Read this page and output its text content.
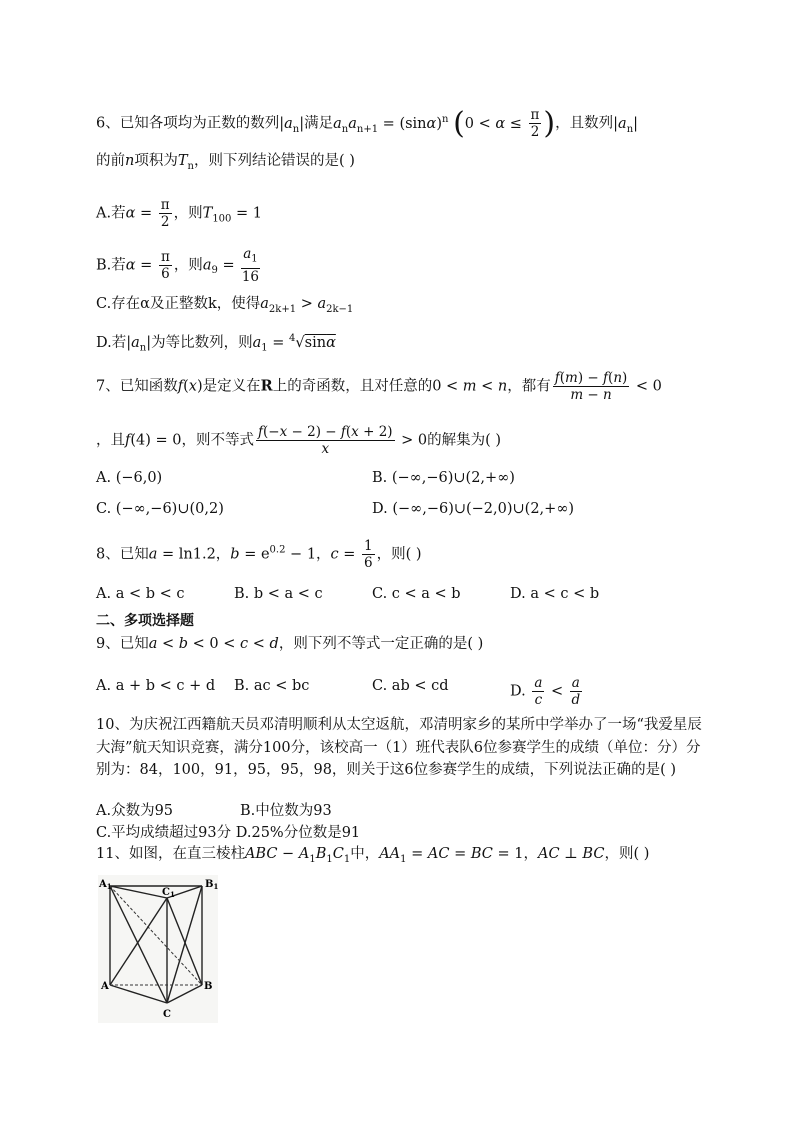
6、已知各项均为正数的数列$|a_n|$满足$a_na_{n+1} = (\sin\alpha)^n$ ($0 < \alpha \le \frac{\pi}{2}$ )，且数列$|a_n|$
的前n项积为$T_n$，则下列结论错误的是( )
A.若$\alpha = \frac{\pi}{2}$ ，则$T_{100} = 1$
B.若$\alpha = \frac{\pi}{6}$ ，则$a_9 = \frac{a_1}{16}$
C.存在α及正整数k，使得$a_{2k+1} > a_{2k-1}$
D.若$|a_n|$为等比数列，则$a_1 = ^4√\sin\alpha$
7、已知函数f(x)是定义在R上的奇函数，且对任意的0 < m < n，都有 $\frac{f(m) - f(n)}{m - n} < 0$
，且f(4) = 0，则不等式 $\frac{f(-x - 2) - f(x + 2)}{x} > 0$的解集为( )
A. (−6,0)	B. (−∞,−6)∪(2,+∞)
C. (−∞,−6)∪(0,2)	D. (−∞,−6)∪(−2,0)∪(2,+∞)
8、已知a = ln1.2，$b = e^{0.2} - 1$，$c = \frac{1}{6}$ ，则( )
A. a < b < c	B. b < a < c	C. c < a < b	D. a < c < b
二、多项选择题
9、已知a < b < 0 < c < d，则下列不等式一定正确的是( )
A. a + b < c + d B. ac < bc	C. ab < cd	D. $\frac{a}{c} < \frac{a}{d}$
10、为庆祝江西籍航天员邓清明顺利从太空返航，邓清明家乡的某所中学举办了一场“我爱星辰大海”航天知识竞赛，满分100分，该校高一（1）班代表队6位参赛学生的成绩（单位：分）分别为：84，100，91，95，95，98，则关于这6位参赛学生的成绩，下列说法正确的是( )
A.众数为95	B.中位数为93
C.平均成绩超过93分 D.25%分位数是91
11、如图，在直三棱柱ABC − $A_1B_1C_1$中，$AA_1$ = AC = BC = 1，AC ⊥ BC，则( )
$A_1$	$B_1$
$C_1$
A	B
C
